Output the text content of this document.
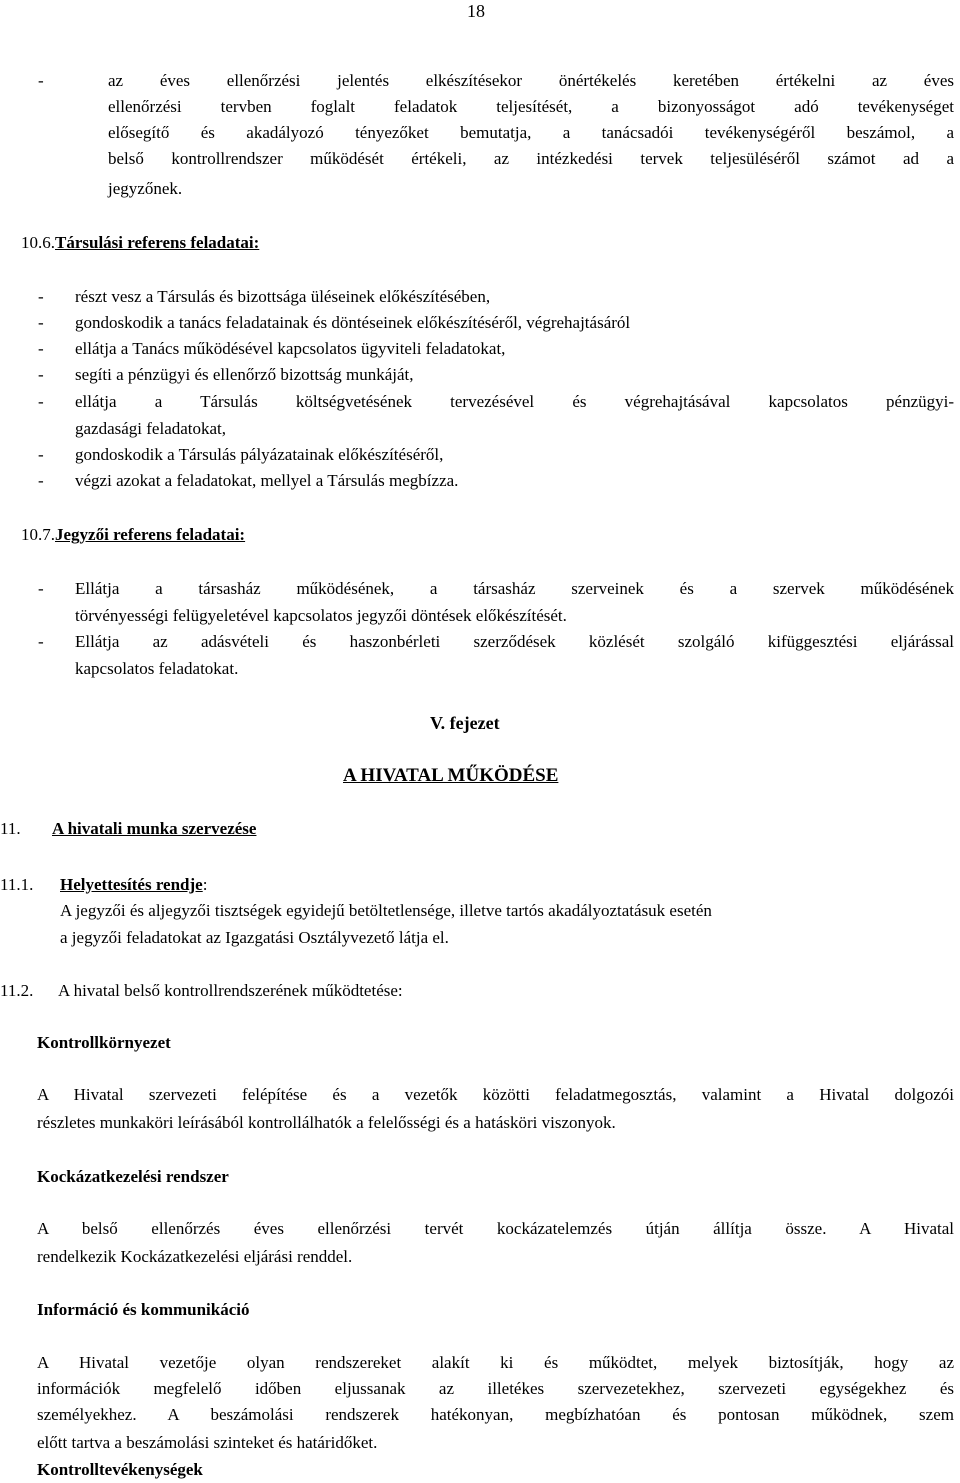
18
-	az éves ellenőrzési jelentés elkészítésekor önértékelés keretében értékelni az éves
ellenőrzési tervben foglalt feladatok teljesítését, a bizonyosságot adó tevékenységet
elősegítő és akadályozó tényezőket bemutatja, a tanácsadói tevékenységéről beszámol, a
belső kontrollrendszer működését értékeli, az intézkedési tervek teljesüléséről számot ad a
jegyzőnek.
10.6. Társulási referens feladatai:
- részt vesz a Társulás és bizottsága üléseinek előkészítésében,
- gondoskodik a tanács feladatainak és döntéseinek előkészítéséről, végrehajtásáról
- ellátja a Tanács működésével kapcsolatos ügyviteli feladatokat,
- segíti a pénzügyi és ellenőrző bizottság munkáját,
- ellátja a Társulás költségvetésének tervezésével és végrehajtásával kapcsolatos pénzügyi-
gazdasági feladatokat,
- gondoskodik a Társulás pályázatainak előkészítéséről,
- végzi azokat a feladatokat, mellyel a Társulás megbízza.
10.7. Jegyzői referens feladatai:
- Ellátja a társasház működésének, a társasház szerveinek és a szervek működésének
törvényességi felügyeletével kapcsolatos jegyzői döntések előkészítését.
- Ellátja az adásvételi és haszonbérleti szerződések közlését szolgáló kifüggesztési eljárással
kapcsolatos feladatokat.
V. fejezet
A HIVATAL MŰKÖDÉSE
11. A hivatali munka szervezése
11.1. Helyettesítés rendje:
A jegyzői és aljegyzői tisztségek egyidejű betöltetlensége, illetve tartós akadályoztatásuk esetén
a jegyzői feladatokat az Igazgatási Osztályvezető látja el.
11.2. A hivatal belső kontrollrendszerének működtetése:
Kontrollkörnyezet
A Hivatal szervezeti felépítése és a vezetők közötti feladatmegosztás, valamint a Hivatal dolgozói
részletes munkaköri leírásából kontrollálhatók a felelősségi és a hatásköri viszonyok.
Kockázatkezelési rendszer
A belső ellenőrzés éves ellenőrzési tervét kockázatelemzés útján állítja össze. A Hivatal
rendelkezik Kockázatkezelési eljárási renddel.
Információ és kommunikáció
A Hivatal vezetője olyan rendszereket alakít ki és működtet, melyek biztosítják, hogy az
információk megfelelő időben eljussanak az illetékes szervezetekhez, szervezeti egységekhez és
személyekhez. A beszámolási rendszerek hatékonyan, megbízhatóan és pontosan működnek, szem
előtt tartva a beszámolási szinteket és határidőket.
Kontrolltevékenységek
